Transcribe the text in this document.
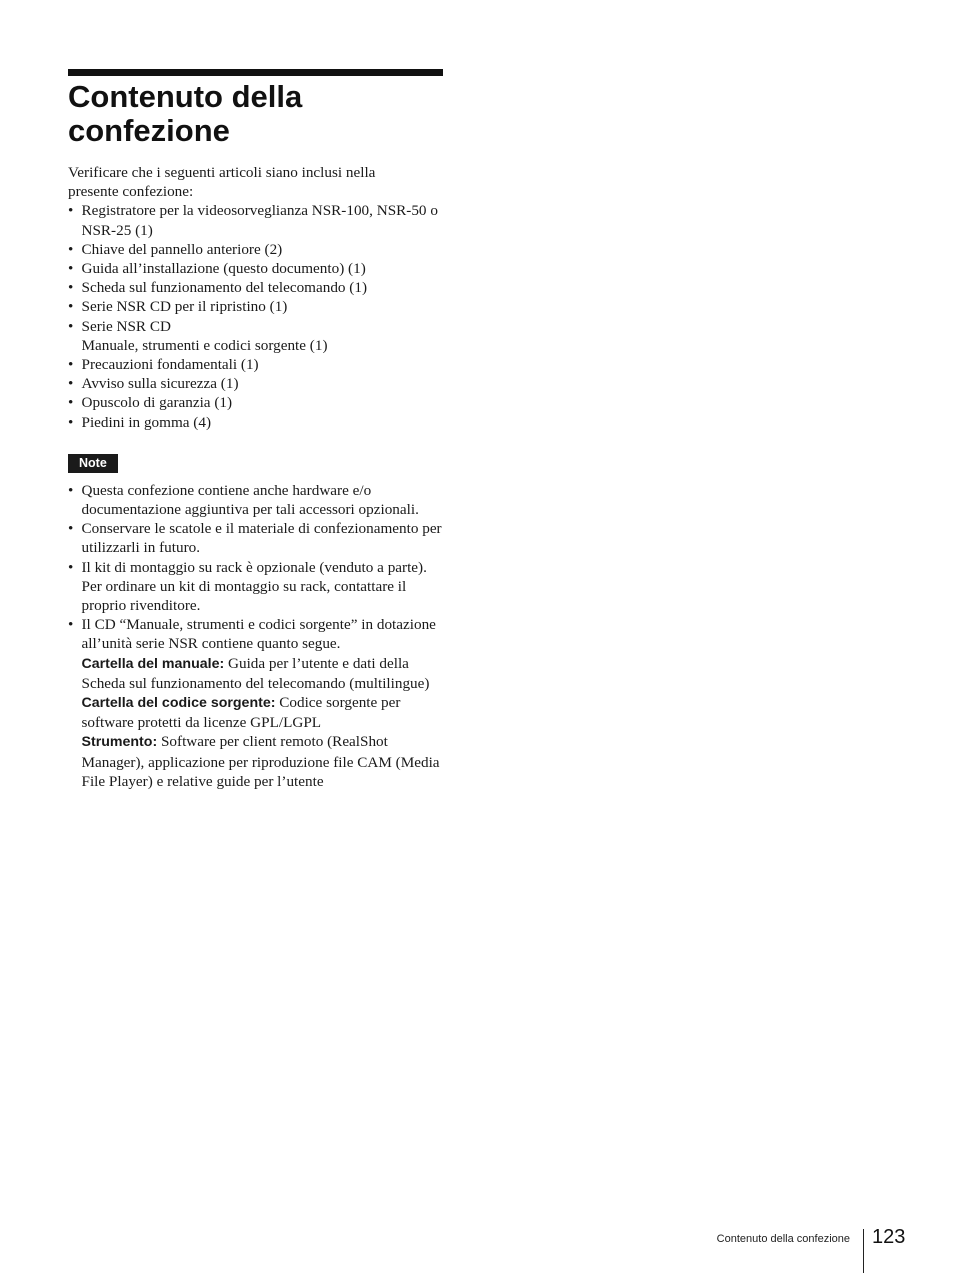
Contenuto della
confezione

Verificare che i seguenti articoli siano inclusi nella
presente confezione:

• Registratore per la videosorveglianza NSR-100, NSR-50 o NSR-25 (1)
• Chiave del pannello anteriore (2)
• Guida all’installazione (questo documento) (1)
• Scheda sul funzionamento del telecomando (1)
• Serie NSR CD per il ripristino (1)
• Serie NSR CD
Manuale, strumenti e codici sorgente (1)
• Precauzioni fondamentali (1)
• Avviso sulla sicurezza (1)
• Opuscolo di garanzia (1)
• Piedini in gomma (4)
Note
• Questa confezione contiene anche hardware e/o documentazione aggiuntiva per tali accessori opzionali.
• Conservare le scatole e il materiale di confezionamento per utilizzarli in futuro.
• Il kit di montaggio su rack è opzionale (venduto a parte). Per ordinare un kit di montaggio su rack, contattare il proprio rivenditore.
• Il CD “Manuale, strumenti e codici sorgente” in dotazione all’unità serie NSR contiene quanto segue.
Cartella del manuale: Guida per l’utente e dati della Scheda sul funzionamento del telecomando (multilingue)
Cartella del codice sorgente: Codice sorgente per software protetti da licenze GPL/LGPL
Strumento: Software per client remoto (RealShot Manager), applicazione per riproduzione file CAM (Media File Player) e relative guide per l’utente
Contenuto della confezione 123
